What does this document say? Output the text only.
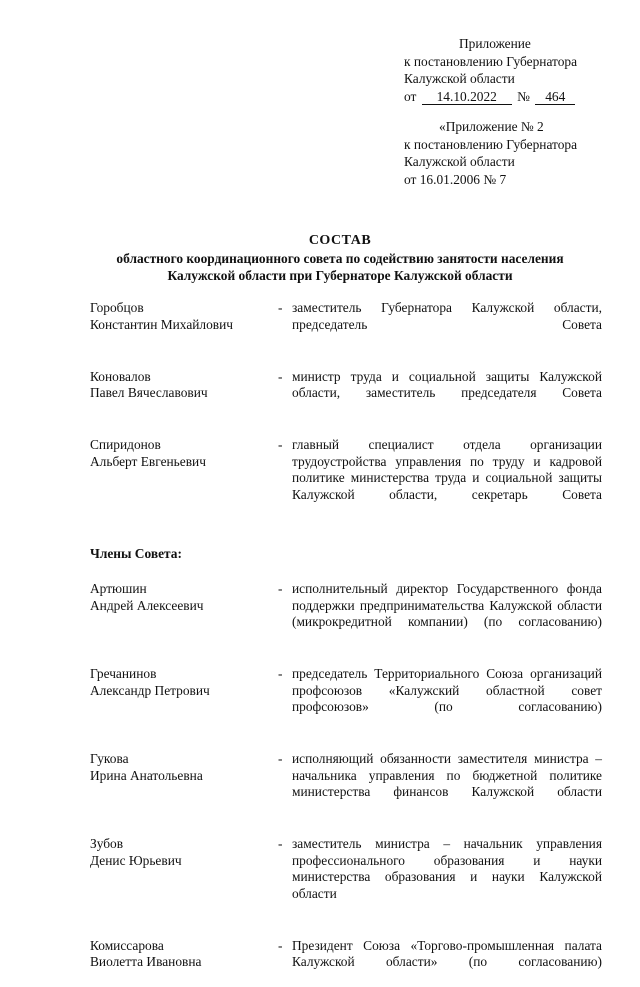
Приложение
к постановлению Губернатора
Калужской области
от 14.10.2022 № 464
«Приложение № 2
к постановлению Губернатора
Калужской области
от 16.01.2006 № 7
СОСТАВ
областного координационного совета по содействию занятости населения
Калужской области при Губернаторе Калужской области
Горобцов
Константин Михайлович
- заместитель Губернатора Калужской области, председатель Совета
Коновалов
Павел Вячеславович
- министр труда и социальной защиты Калужской области, заместитель председателя Совета
Спиридонов
Альберт Евгеньевич
- главный специалист отдела организации трудоустройства управления по труду и кадровой политике министерства труда и социальной защиты Калужской области, секретарь Совета
Члены Совета:
Артюшин
Андрей Алексеевич
- исполнительный директор Государственного фонда поддержки предпринимательства Калужской области (микрокредитной компании) (по согласованию)
Гречанинов
Александр Петрович
- председатель Территориального Союза организаций профсоюзов «Калужский областной совет профсоюзов» (по согласованию)
Гукова
Ирина Анатольевна
- исполняющий обязанности заместителя министра – начальника управления по бюджетной политике министерства финансов Калужской области
Зубов
Денис Юрьевич
- заместитель министра – начальник управления профессионального образования и науки министерства образования и науки Калужской области
Комиссарова
Виолетта Ивановна
- Президент Союза «Торгово-промышленная палата Калужской области» (по согласованию)
